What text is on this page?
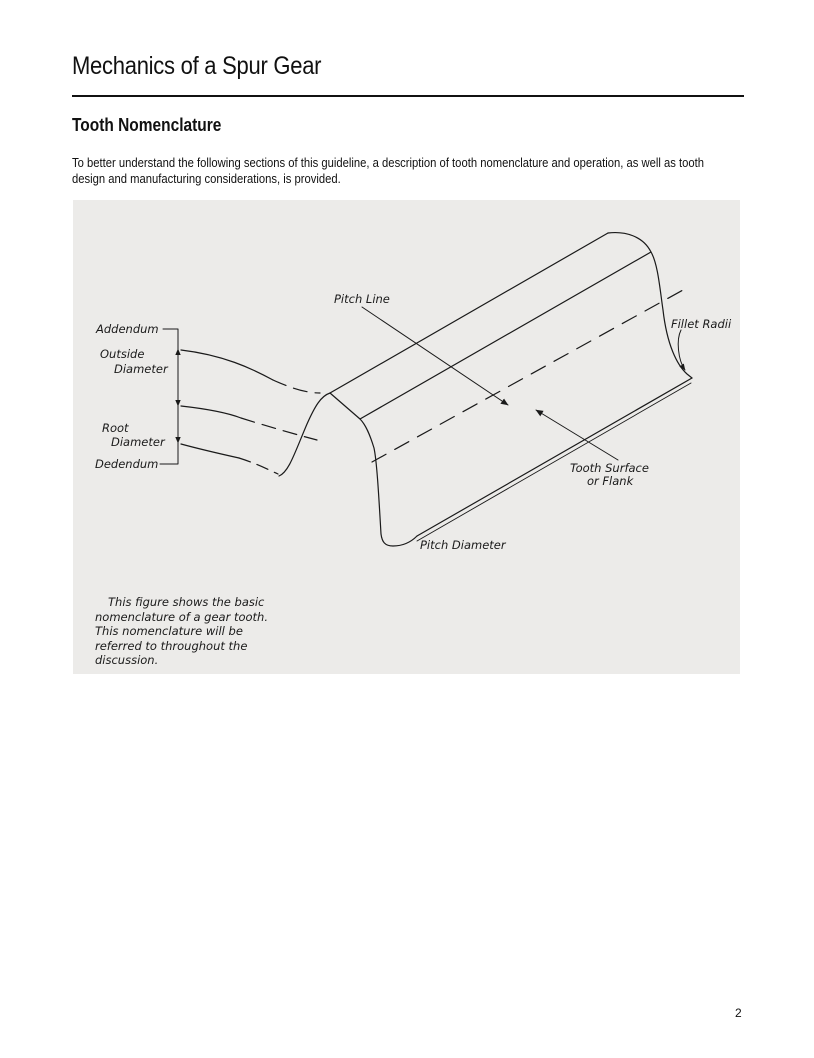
Mechanics of a Spur Gear
Tooth Nomenclature
To better understand the following sections of this guideline, a description of tooth nomenclature and operation, as well as tooth
design and manufacturing considerations, is provided.
Pitch Line
Addendum
Outside
Diameter
Root
Diameter
Dedendum
Fillet Radii
Tooth Surface
or Flank
Pitch Diameter
This figure shows the basic
nomenclature of a gear tooth.
This nomenclature will be
referred to throughout the
discussion.
2
